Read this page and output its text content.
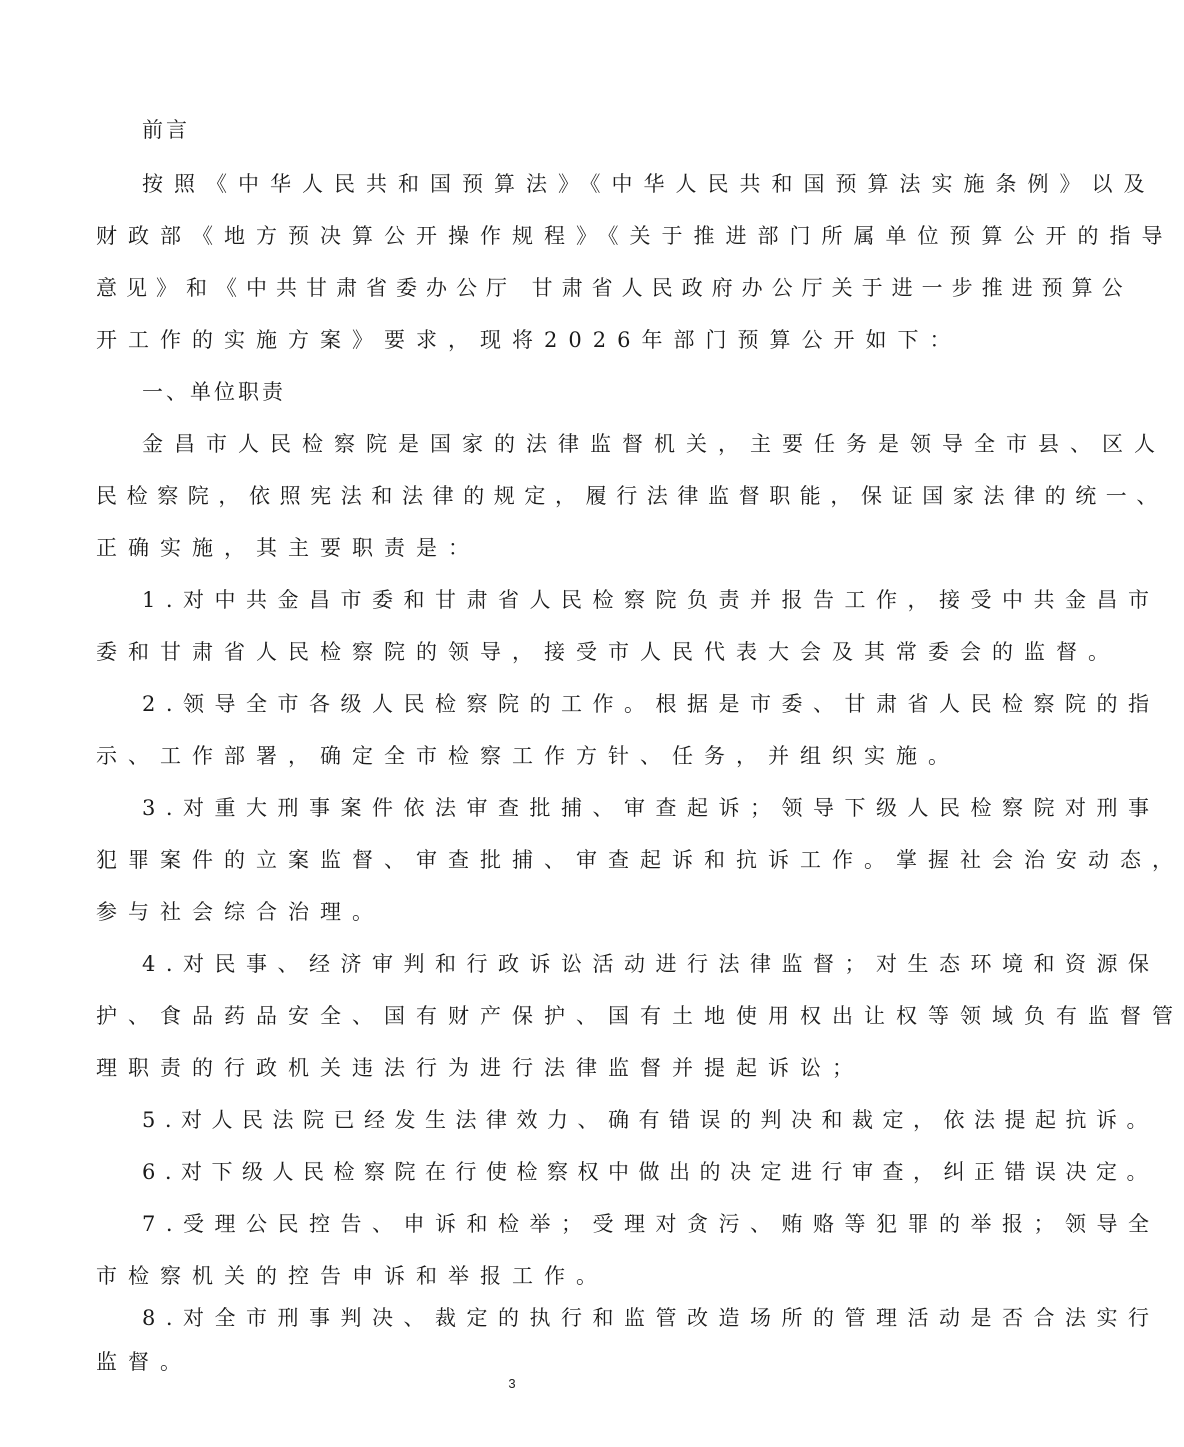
前言
按照《中华人民共和国预算法》《中华人民共和国预算法实施条例》以及
财政部《地方预决算公开操作规程》《关于推进部门所属单位预算公开的指导
意见》和《中共甘肃省委办公厅 甘肃省人民政府办公厅关于进一步推进预算公
开工作的实施方案》要求，现将2026年部门预算公开如下：
一、单位职责
金昌市人民检察院是国家的法律监督机关，主要任务是领导全市县、区人
民检察院，依照宪法和法律的规定，履行法律监督职能，保证国家法律的统一、
正确实施，其主要职责是：
1.对中共金昌市委和甘肃省人民检察院负责并报告工作，接受中共金昌市
委和甘肃省人民检察院的领导，接受市人民代表大会及其常委会的监督。
2.领导全市各级人民检察院的工作。根据是市委、甘肃省人民检察院的指
示、工作部署，确定全市检察工作方针、任务，并组织实施。
3.对重大刑事案件依法审查批捕、审查起诉；领导下级人民检察院对刑事
犯罪案件的立案监督、审查批捕、审查起诉和抗诉工作。掌握社会治安动态，
参与社会综合治理。
4.对民事、经济审判和行政诉讼活动进行法律监督；对生态环境和资源保
护、食品药品安全、国有财产保护、国有土地使用权出让权等领域负有监督管
理职责的行政机关违法行为进行法律监督并提起诉讼；
5.对人民法院已经发生法律效力、确有错误的判决和裁定，依法提起抗诉。
6.对下级人民检察院在行使检察权中做出的决定进行审查，纠正错误决定。
7.受理公民控告、申诉和检举；受理对贪污、贿赂等犯罪的举报；领导全
市检察机关的控告申诉和举报工作。
8.对全市刑事判决、裁定的执行和监管改造场所的管理活动是否合法实行
监督。
3
